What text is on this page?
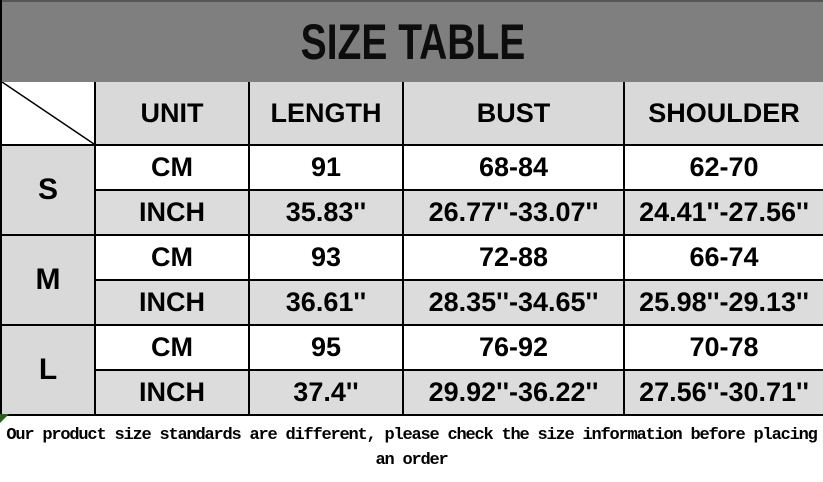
SIZE TABLE
	UNIT	LENGTH	BUST	SHOULDER
S	CM	91	68-84	62-70
	INCH	35.83''	26.77''-33.07''	24.41''-27.56''
M	CM	93	72-88	66-74
	INCH	36.61''	28.35''-34.65''	25.98''-29.13''
L	CM	95	76-92	70-78
	INCH	37.4''	29.92''-36.22''	27.56''-30.71''
Our product size standards are different, please check the size information before placing
an order
